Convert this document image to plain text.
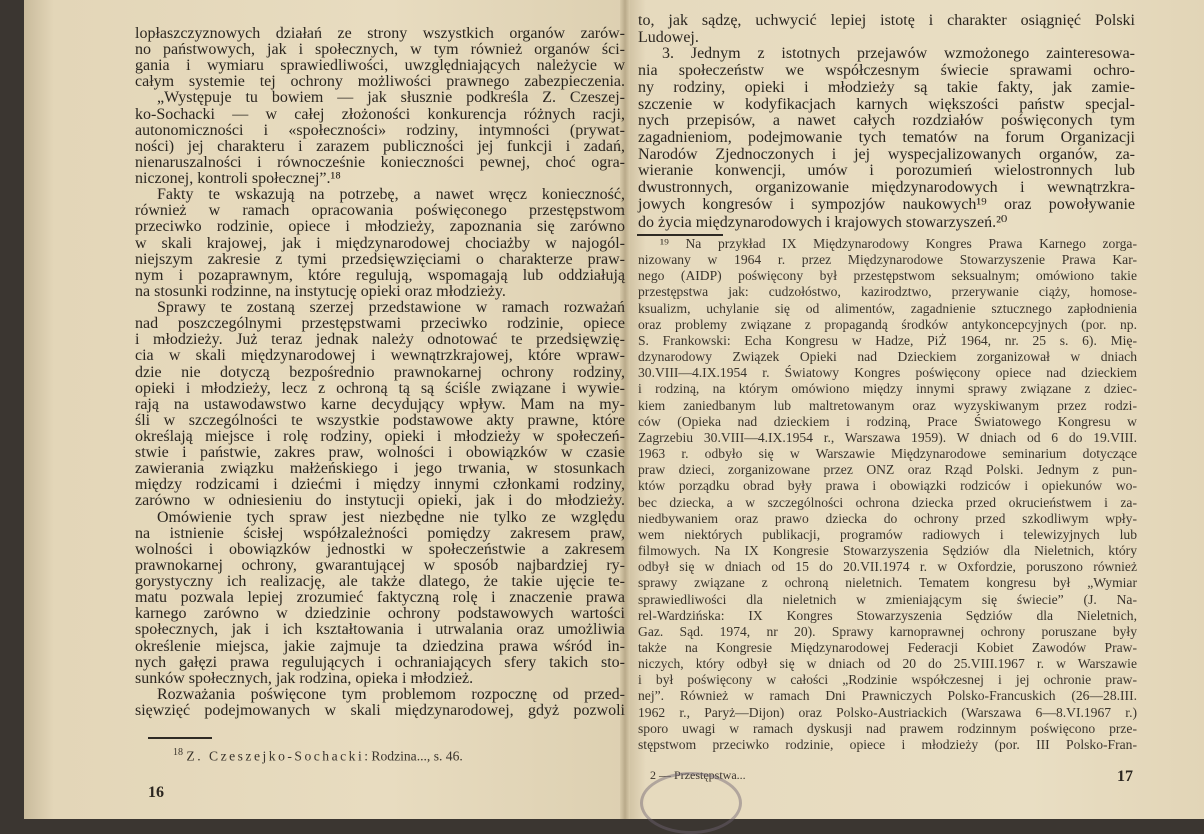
lopłaszczyznowych działań ze strony wszystkich organów zarów-
no państwowych, jak i społecznych, w tym również organów ści-
gania i wymiaru sprawiedliwości, uwzględniających należycie w
całym systemie tej ochrony możliwości prawnego zabezpieczenia.
„Występuje tu bowiem — jak słusznie podkreśla Z. Czeszej-
ko-Sochacki — w całej złożoności konkurencja różnych racji,
autonomiczności i «społeczności» rodziny, intymności (prywat-
ności) jej charakteru i zarazem publiczności jej funkcji i zadań,
nienaruszalności i równocześnie konieczności pewnej, choć ogra-
niczonej, kontroli społecznej”.¹⁸
Fakty te wskazują na potrzebę, a nawet wręcz konieczność,
również w ramach opracowania poświęconego przestępstwom
przeciwko rodzinie, opiece i młodzieży, zapoznania się zarówno
w skali krajowej, jak i międzynarodowej chociażby w najogól-
niejszym zakresie z tymi przedsięwzięciami o charakterze praw-
nym i pozaprawnym, które regulują, wspomagają lub oddziałują
na stosunki rodzinne, na instytucję opieki oraz młodzieży.
Sprawy te zostaną szerzej przedstawione w ramach rozważań
nad poszczególnymi przestępstwami przeciwko rodzinie, opiece
i młodzieży. Już teraz jednak należy odnotować te przedsięwzię-
cia w skali międzynarodowej i wewnątrzkrajowej, które wpraw-
dzie nie dotyczą bezpośrednio prawnokarnej ochrony rodziny,
opieki i młodzieży, lecz z ochroną tą są ściśle związane i wywie-
rają na ustawodawstwo karne decydujący wpływ. Mam na my-
śli w szczególności te wszystkie podstawowe akty prawne, które
określają miejsce i rolę rodziny, opieki i młodzieży w społeczeń-
stwie i państwie, zakres praw, wolności i obowiązków w czasie
zawierania związku małżeńskiego i jego trwania, w stosunkach
między rodzicami i dziećmi i między innymi członkami rodziny,
zarówno w odniesieniu do instytucji opieki, jak i do młodzieży.
Omówienie tych spraw jest niezbędne nie tylko ze względu
na istnienie ścisłej współzależności pomiędzy zakresem praw,
wolności i obowiązków jednostki w społeczeństwie a zakresem
prawnokarnej ochrony, gwarantującej w sposób najbardziej ry-
gorystyczny ich realizację, ale także dlatego, że takie ujęcie te-
matu pozwala lepiej zrozumieć faktyczną rolę i znaczenie prawa
karnego zarówno w dziedzinie ochrony podstawowych wartości
społecznych, jak i ich kształtowania i utrwalania oraz umożliwia
określenie miejsca, jakie zajmuje ta dziedzina prawa wśród in-
nych gałęzi prawa regulujących i ochraniających sfery takich sto-
sunków społecznych, jak rodzina, opieka i młodzież.
Rozważania poświęcone tym problemom rozpocznę od przed-
sięwzięć podejmowanych w skali międzynarodowej, gdyż pozwoli
to, jak sądzę, uchwycić lepiej istotę i charakter osiągnięć Polski
Ludowej.
3. Jednym z istotnych przejawów wzmożonego zainteresowa-
nia społeczeństw we współczesnym świecie sprawami ochro-
ny rodziny, opieki i młodzieży są takie fakty, jak zamie-
szczenie w kodyfikacjach karnych większości państw specjal-
nych przepisów, a nawet całych rozdziałów poświęconych tym
zagadnieniom, podejmowanie tych tematów na forum Organizacji
Narodów Zjednoczonych i jej wyspecjalizowanych organów, za-
wieranie konwencji, umów i porozumień wielostronnych lub
dwustronnych, organizowanie międzynarodowych i wewnątrzkra-
jowych kongresów i sympozjów naukowych¹⁹ oraz powoływanie
do życia międzynarodowych i krajowych stowarzyszeń.²⁰
¹⁹ Na przykład IX Międzynarodowy Kongres Prawa Karnego zorga-
nizowany w 1964 r. przez Międzynarodowe Stowarzyszenie Prawa Kar-
nego (AIDP) poświęcony był przestępstwom seksualnym; omówiono takie
przestępstwa jak: cudzołóstwo, kazirodztwo, przerywanie ciąży, homose-
ksualizm, uchylanie się od alimentów, zagadnienie sztucznego zapłodnienia
oraz problemy związane z propagandą środków antykoncepcyjnych (por. np.
S. Frankowski: Echa Kongresu w Hadze, PiŻ 1964, nr. 25 s. 6). Mię-
dzynarodowy Związek Opieki nad Dzieckiem zorganizował w dniach
30.VIII—4.IX.1954 r. Światowy Kongres poświęcony opiece nad dzieckiem
i rodziną, na którym omówiono między innymi sprawy związane z dziec-
kiem zaniedbanym lub maltretowanym oraz wyzyskiwanym przez rodzi-
ców (Opieka nad dzieckiem i rodziną, Prace Światowego Kongresu w
Zagrzebiu 30.VIII—4.IX.1954 r., Warszawa 1959). W dniach od 6 do 19.VIII.
1963 r. odbyło się w Warszawie Międzynarodowe seminarium dotyczące
praw dzieci, zorganizowane przez ONZ oraz Rząd Polski. Jednym z pun-
któw porządku obrad były prawa i obowiązki rodziców i opiekunów wo-
bec dziecka, a w szczególności ochrona dziecka przed okrucieństwem i za-
niedbywaniem oraz prawo dziecka do ochrony przed szkodliwym wpły-
wem niektórych publikacji, programów radiowych i telewizyjnych lub
filmowych. Na IX Kongresie Stowarzyszenia Sędziów dla Nieletnich, który
odbył się w dniach od 15 do 20.VII.1974 r. w Oxfordzie, poruszono również
sprawy związane z ochroną nieletnich. Tematem kongresu był „Wymiar
sprawiedliwości dla nieletnich w zmieniającym się świecie” (J. Na-
rel-Wardzińska: IX Kongres Stowarzyszenia Sędziów dla Nieletnich,
Gaz. Sąd. 1974, nr 20). Sprawy karnoprawnej ochrony poruszane były
także na Kongresie Międzynarodowej Federacji Kobiet Zawodów Praw-
niczych, który odbył się w dniach od 20 do 25.VIII.1967 r. w Warszawie
i był poświęcony w całości „Rodzinie współczesnej i jej ochronie praw-
nej”. Również w ramach Dni Prawniczych Polsko-Francuskich (26—28.III.
1962 r., Paryż—Dijon) oraz Polsko-Austriackich (Warszawa 6—8.VI.1967 r.)
sporo uwagi w ramach dyskusji nad prawem rodzinnym poświęcono prze-
stępstwom przeciwko rodzinie, opiece i młodzieży (por. III Polsko-Fran-
$^{18}$ Z. Czeszejko-Sochacki: Rodzina..., s. 46.
16
2 — Przestępstwa...	17
